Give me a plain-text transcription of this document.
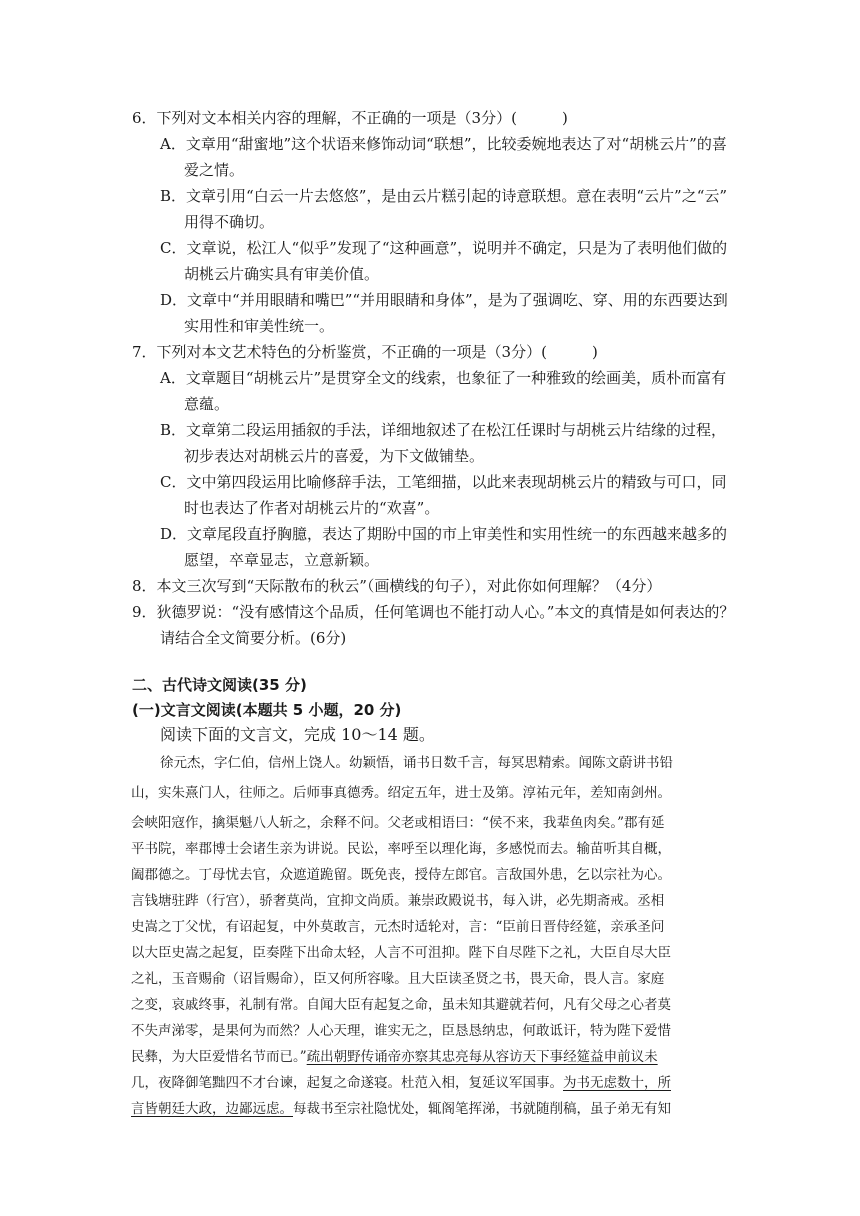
6．下列对文本相关内容的理解，不正确的一项是（3分）(　　　)
A．文章用“甜蜜地”这个状语来修饰动词“联想”，比较委婉地表达了对“胡桃云片”的喜
爱之情。
B．文章引用“白云一片去悠悠”，是由云片糕引起的诗意联想。意在表明“云片”之“云”
用得不确切。
C．文章说，松江人“似乎”发现了“这种画意”，说明并不确定，只是为了表明他们做的
胡桃云片确实具有审美价值。
D．文章中“并用眼睛和嘴巴”“并用眼睛和身体”，是为了强调吃、穿、用的东西要达到
实用性和审美性统一。
7．下列对本文艺术特色的分析鉴赏，不正确的一项是（3分）(　　　)
A．文章题目“胡桃云片”是贯穿全文的线索，也象征了一种雅致的绘画美，质朴而富有
意蕴。
B．文章第二段运用插叙的手法，详细地叙述了在松江任课时与胡桃云片结缘的过程，
初步表达对胡桃云片的喜爱，为下文做铺垫。
C．文中第四段运用比喻修辞手法，工笔细描，以此来表现胡桃云片的精致与可口，同
时也表达了作者对胡桃云片的“欢喜”。
D．文章尾段直抒胸臆，表达了期盼中国的市上审美性和实用性统一的东西越来越多的
愿望，卒章显志，立意新颖。
8．本文三次写到“天际散布的秋云”（画横线的句子），对此你如何理解？（4分）
9．狄德罗说：“没有感情这个品质，任何笔调也不能打动人心。”本文的真情是如何表达的？
请结合全文简要分析。(6分)
二、古代诗文阅读(35 分)
(一)文言文阅读(本题共 5 小题，20 分)
阅读下面的文言文，完成 10～14 题。
徐元杰，字仁伯，信州上饶人。幼颖悟，诵书日数千言，每冥思精索。闻陈文蔚讲书铅
山，实朱熹门人，往师之。后师事真德秀。绍定五年，进士及第。淳祐元年，差知南剑州。
会峡阳寇作，擒渠魁八人斩之，余释不问。父老或相语曰：“侯不来，我辈鱼肉矣。”郡有延
平书院，率郡博士会诸生亲为讲说。民讼，率呼至以理化诲，多感悦而去。输苗听其自概，
阖郡德之。丁母忧去官，众遮道跪留。既免丧，授侍左郎官。言敌国外患，乞以宗社为心。
言钱塘驻跸（行宫），骄奢莫尚，宜抑文尚质。兼崇政殿说书，每入讲，必先期斋戒。丞相
史嵩之丁父忧，有诏起复，中外莫敢言，元杰时适轮对，言：“臣前日晋侍经筵，亲承圣问
以大臣史嵩之起复，臣奏陛下出命太轻，人言不可沮抑。陛下自尽陛下之礼，大臣自尽大臣
之礼，玉音赐俞（诏旨赐命），臣又何所容喙。且大臣读圣贤之书，畏天命，畏人言。家庭
之变，哀戚终事，礼制有常。自闻大臣有起复之命，虽未知其避就若何，凡有父母之心者莫
不失声涕零，是果何为而然？人心天理，谁实无之，臣恳恳纳忠，何敢诋讦，特为陛下爱惜
民彝，为大臣爱惜名节而已。”疏出朝野传诵帝亦察其忠亮每从容访天下事经筵益申前议未
几，夜降御笔黜四不才台谏，起复之命遂寝。杜范入相，复延议军国事。为书无虑数十，所
言皆朝廷大政，边鄙远虑。每裁书至宗社隐忧处，辄阁笔挥涕，书就随削稿，虽子弟无有知
